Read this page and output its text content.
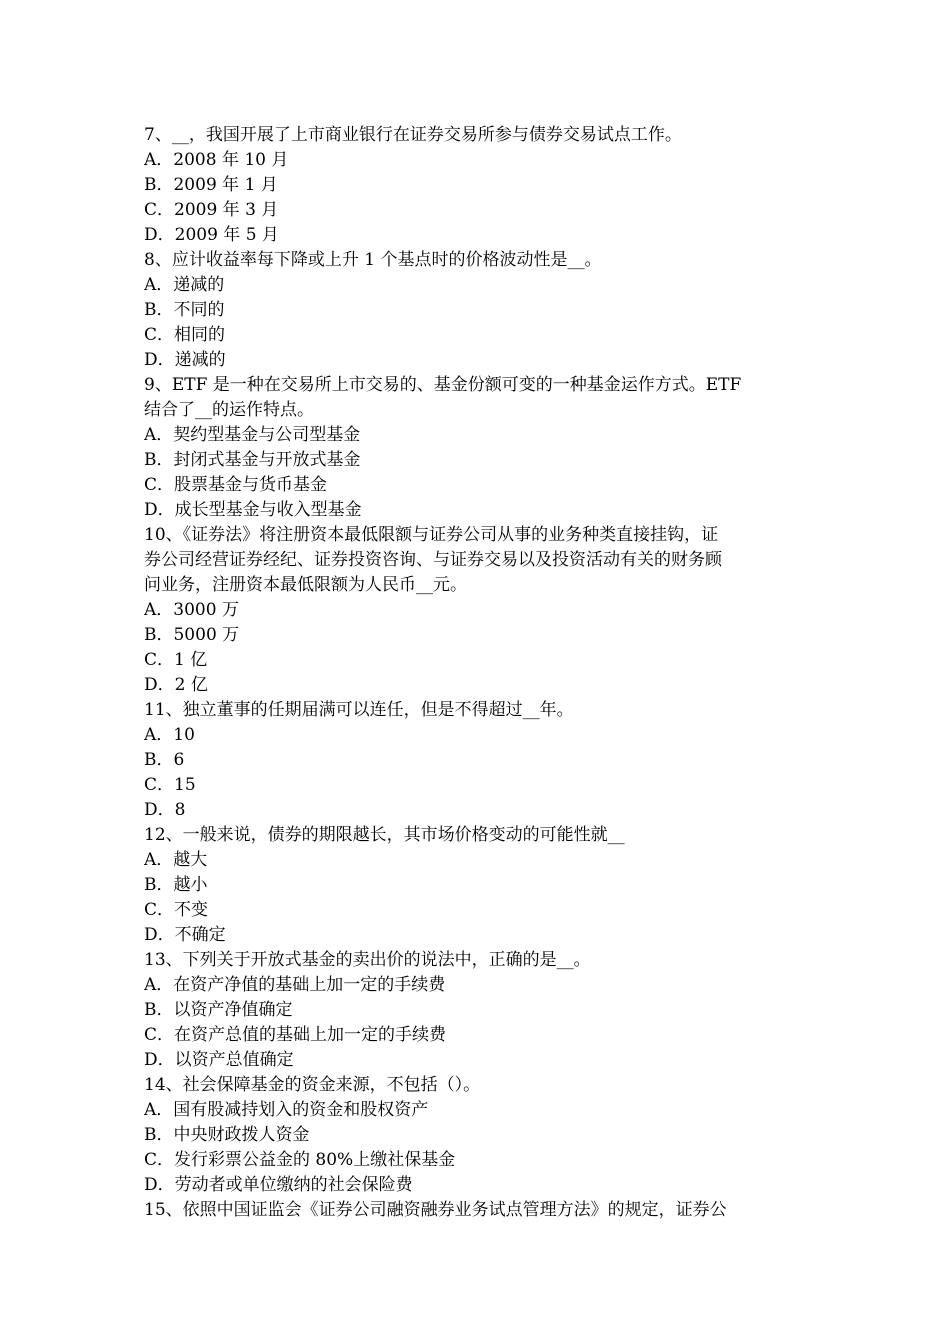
7、__，我国开展了上市商业银行在证券交易所参与债券交易试点工作。
A．2008 年 10 月
B．2009 年 1 月
C．2009 年 3 月
D．2009 年 5 月
8、应计收益率每下降或上升 1 个基点时的价格波动性是__。
A．递减的
B．不同的
C．相同的
D．递减的
9、ETF 是一种在交易所上市交易的、基金份额可变的一种基金运作方式。ETF
结合了__的运作特点。
A．契约型基金与公司型基金
B．封闭式基金与开放式基金
C．股票基金与货币基金
D．成长型基金与收入型基金
10、《证券法》将注册资本最低限额与证券公司从事的业务种类直接挂钩，证
券公司经营证券经纪、证券投资咨询、与证券交易以及投资活动有关的财务顾
问业务，注册资本最低限额为人民币__元。
A．3000 万
B．5000 万
C．1 亿
D．2 亿
11、独立董事的任期届满可以连任，但是不得超过__年。
A．10
B．6
C．15
D．8
12、一般来说，债券的期限越长，其市场价格变动的可能性就__
A．越大
B．越小
C．不变
D．不确定
13、下列关于开放式基金的卖出价的说法中，正确的是__。
A．在资产净值的基础上加一定的手续费
B．以资产净值确定
C．在资产总值的基础上加一定的手续费
D．以资产总值确定
14、社会保障基金的资金来源，不包括（）。
A．国有股减持划入的资金和股权资产
B．中央财政拨人资金
C．发行彩票公益金的 80%上缴社保基金
D．劳动者或单位缴纳的社会保险费
15、依照中国证监会《证券公司融资融券业务试点管理方法》的规定，证券公
